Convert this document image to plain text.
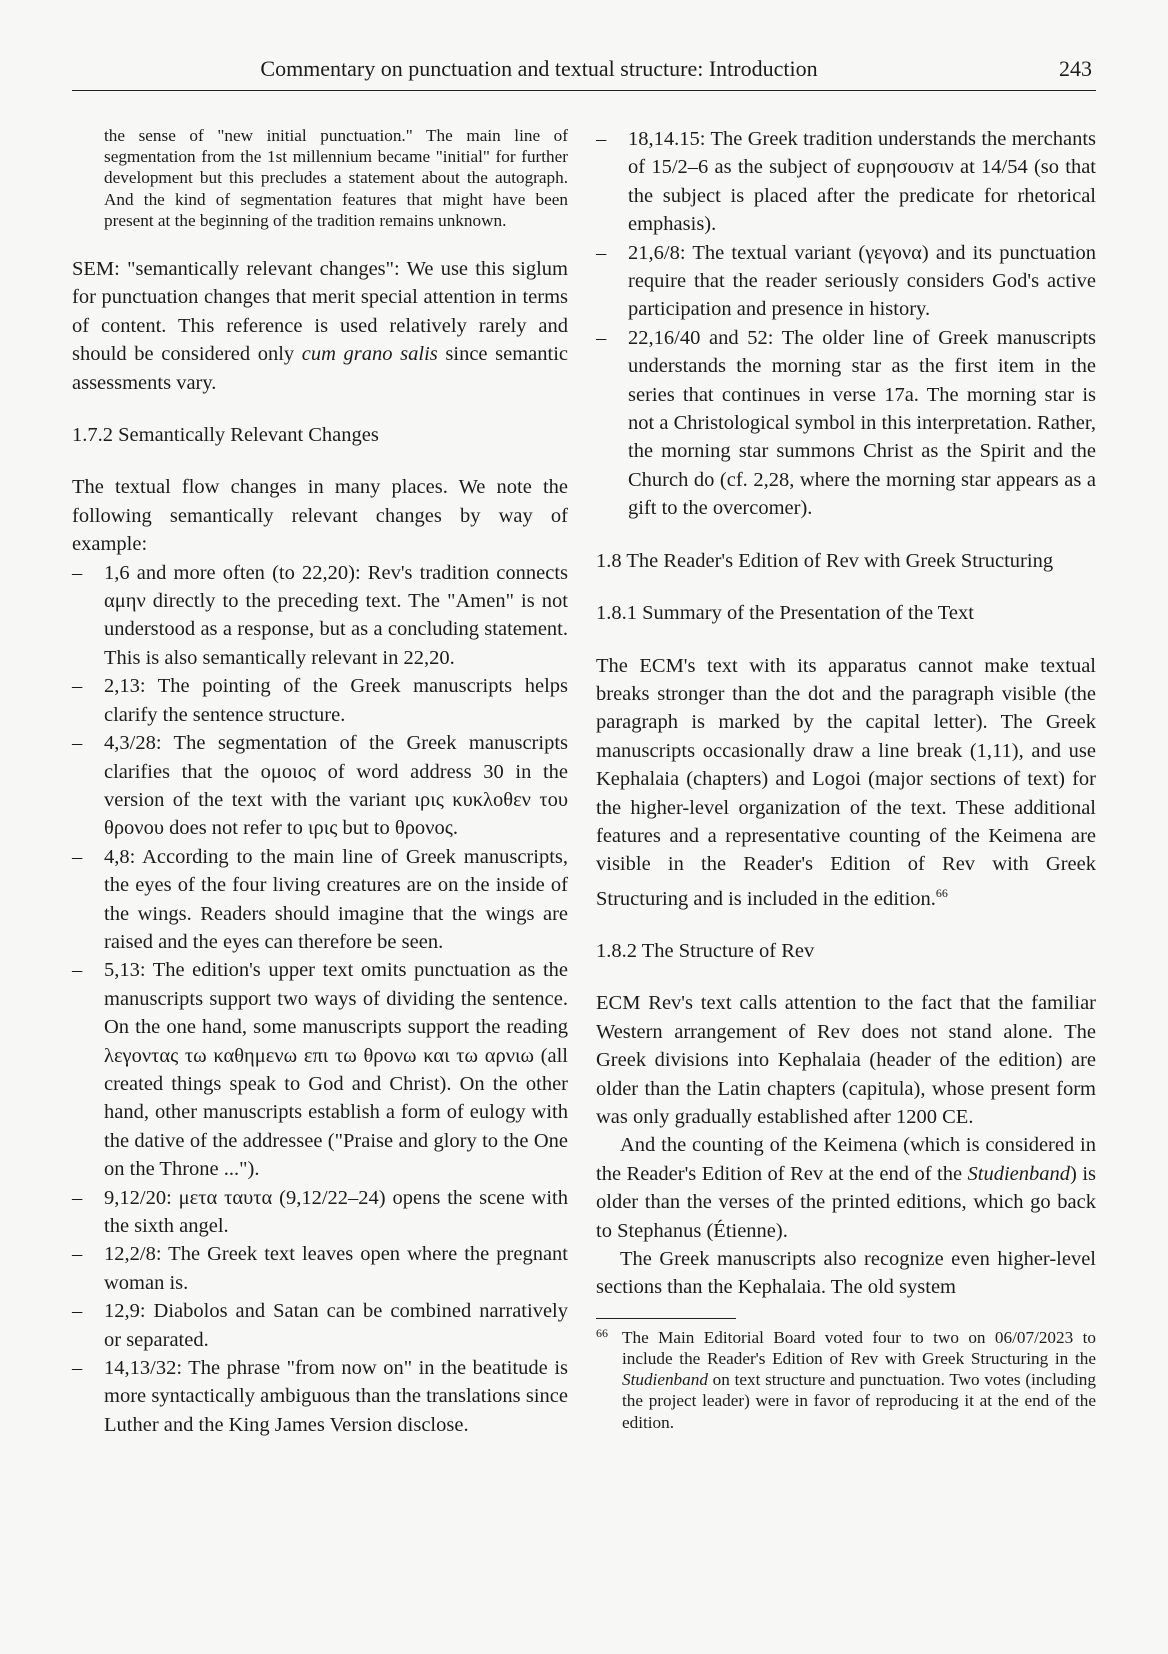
Commentary on punctuation and textual structure: Introduction	243

the sense of "new initial punctuation." The main line of segmentation from the 1st millennium became "initial" for further development but this precludes a statement about the autograph. And the kind of segmentation features that might have been present at the beginning of the tradition remains unknown.

SEM: "semantically relevant changes": We use this siglum for punctuation changes that merit special attention in terms of content. This reference is used relatively rarely and should be considered only cum grano salis since semantic assessments vary.

1.7.2 Semantically Relevant Changes

The textual flow changes in many places. We note the following semantically relevant changes by way of example:

– 1,6 and more often (to 22,20): Rev's tradition connects αμην directly to the preceding text. The "Amen" is not understood as a response, but as a concluding statement. This is also semantically relevant in 22,20.
– 2,13: The pointing of the Greek manuscripts helps clarify the sentence structure.
– 4,3/28: The segmentation of the Greek manuscripts clarifies that the ομοιος of word address 30 in the version of the text with the variant ιρις κυκλοθεν του θρονου does not refer to ιρις but to θρονος.
– 4,8: According to the main line of Greek manuscripts, the eyes of the four living creatures are on the inside of the wings. Readers should imagine that the wings are raised and the eyes can therefore be seen.
– 5,13: The edition's upper text omits punctuation as the manuscripts support two ways of dividing the sentence. On the one hand, some manuscripts support the reading λεγοντας τω καθημενω επι τω θρονω και τω αρνιω (all created things speak to God and Christ). On the other hand, other manuscripts establish a form of eulogy with the dative of the addressee ("Praise and glory to the One on the Throne ...").
– 9,12/20: μετα ταυτα (9,12/22–24) opens the scene with the sixth angel.
– 12,2/8: The Greek text leaves open where the pregnant woman is.
– 12,9: Diabolos and Satan can be combined narratively or separated.
– 14,13/32: The phrase "from now on" in the beatitude is more syntactically ambiguous than the translations since Luther and the King James Version disclose.
– 18,14.15: The Greek tradition understands the merchants of 15/2–6 as the subject of ευρησουσιν at 14/54 (so that the subject is placed after the predicate for rhetorical emphasis).
– 21,6/8: The textual variant (γεγονα) and its punctuation require that the reader seriously considers God's active participation and presence in history.
– 22,16/40 and 52: The older line of Greek manuscripts understands the morning star as the first item in the series that continues in verse 17a. The morning star is not a Christological symbol in this interpretation. Rather, the morning star summons Christ as the Spirit and the Church do (cf. 2,28, where the morning star appears as a gift to the overcomer).

1.8 The Reader's Edition of Rev with Greek Structuring

1.8.1 Summary of the Presentation of the Text

The ECM's text with its apparatus cannot make textual breaks stronger than the dot and the paragraph visible (the paragraph is marked by the capital letter). The Greek manuscripts occasionally draw a line break (1,11), and use Kephalaia (chapters) and Logoi (major sections of text) for the higher-level organization of the text. These additional features and a representative counting of the Keimena are visible in the Reader's Edition of Rev with Greek Structuring and is included in the edition.$^{66}$

1.8.2 The Structure of Rev

ECM Rev's text calls attention to the fact that the familiar Western arrangement of Rev does not stand alone. The Greek divisions into Kephalaia (header of the edition) are older than the Latin chapters (capitula), whose present form was only gradually established after 1200 CE.

And the counting of the Keimena (which is considered in the Reader's Edition of Rev at the end of the Studienband) is older than the verses of the printed editions, which go back to Stephanus (Étienne).

The Greek manuscripts also recognize even higher-level sections than the Kephalaia. The old system

66 The Main Editorial Board voted four to two on 06/07/2023 to include the Reader's Edition of Rev with Greek Structuring in the Studienband on text structure and punctuation. Two votes (including the project leader) were in favor of reproducing it at the end of the edition.
